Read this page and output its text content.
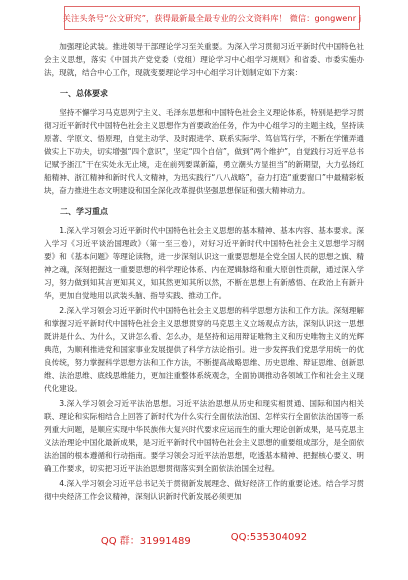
关注头条号“公文研究”，获得最新最全最专业的公文资料库！ 微信：gongwenr j

加强理论武装。推进领导干部理论学习至关重要。为深入学习贯彻习近平新时代中国特色社会主义思想，落实《中国共产党党委（党组）理论学习中心组学习规则》和省委、市委实施办法，现就，结合中心工作，现就变要理论学习中心组学习计划制定如下方案：

一、总体要求

坚持不懈学习马克思列宁主义、毛泽东思想和中国特色社会主义理论体系，特别是把学习贯彻习近平新时代中国特色社会主义思想作为首要政治任务，作为中心组学习的主题主线，坚持读原著、学原文、悟原理，自觉主动学、及时跟进学、联系实际学、笃信笃行学，不断在学懂弄通做实上下功夫，切实增强“四个意识”，坚定“四个自信”，做到“两个维护”，自觉践行习近平总书记赋予浙江“干在实处永无止境，走在前列要谋新篇，勇立潮头方显担当”的新期望，大力弘扬红船精神、浙江精神和新时代人文精神，为迅实践行“八八战略”，奋力打造“重要窗口”中最精彩板块，奋力推进生态文明建设和国全深化改革提供坚强思想保证和强大精神动力。

二、学习重点

1.深入学习领会习近平新时代中国特色社会主义思想的基本精神、基本内容、基本要求。深入学习《习近平谈治国理政》（第一至三卷），对好习近平新时代中国特色社会主义思想学习纲要》和《基本问题》等理论读物，进一步深刻认识这一重要思想是全党全国人民的思想之旗、精神之魂，深刻把握这一重要思想的科学理论体系、内在逻辑脉络和重大原创性贡献，通过深入学习，努力做到知其言更知其义，知其然更知其所以然，不断在思想上有新感悟、在政治上有新升华，更加自觉地用以武装头脑、指导实践、推动工作。

2.深入学习领会习近平新时代中国特色社会主义思想的科学思想方法和工作方法。深刻理解和掌握习近平新时代中国特色社会主义思想贯穿的马克思主义立场观点方法，深刻认识这一思想既讲是什么、为什么，又讲怎么看、怎么办，是坚持和运用辩证唯物主义和历史唯物主义的光辉典范，为顺利推进党和国家事业发展提供了科学方法论指引。进一步发挥我们党思学用统一的优良传统，努力掌握科学思想方法和工作方法，不断提高战略思维、历史思维、辩证思维、创新思维、法治思维、底线思维能力，更加注重整体系统观念，全面协调推动各领域工作和社会主义现代化建设。

3.深入学习领会习近平法治思想。习近平法治思想从历史和现实相贯通、国际和国内相关联、理论和实际相结合上回答了新时代为什么实行全面依法治国、怎样实行全面依法治国等一系列重大问题，是顺应实现中华民族伟大复兴时代要求应运而生的重大理论创新成果，是马克思主义法治理论中国化最新成果，是习近平新时代中国特色社会主义思想的重要组成部分，是全面依法治国的根本遵循和行动指南。要学习领会习近平法治思想，吃透基本精神、把握核心要义、明确工作要求，切实把习近平法治思想贯彻落实到全面依法治国全过程。

4.深入学习领会习近平总书记关于贯彻新发展理念、做好经济工作的重要论述。结合学习贯彻中央经济工作会议精神，深刻认识新时代新发展必须更加

QQ 群：31991489	QQ:535304092
